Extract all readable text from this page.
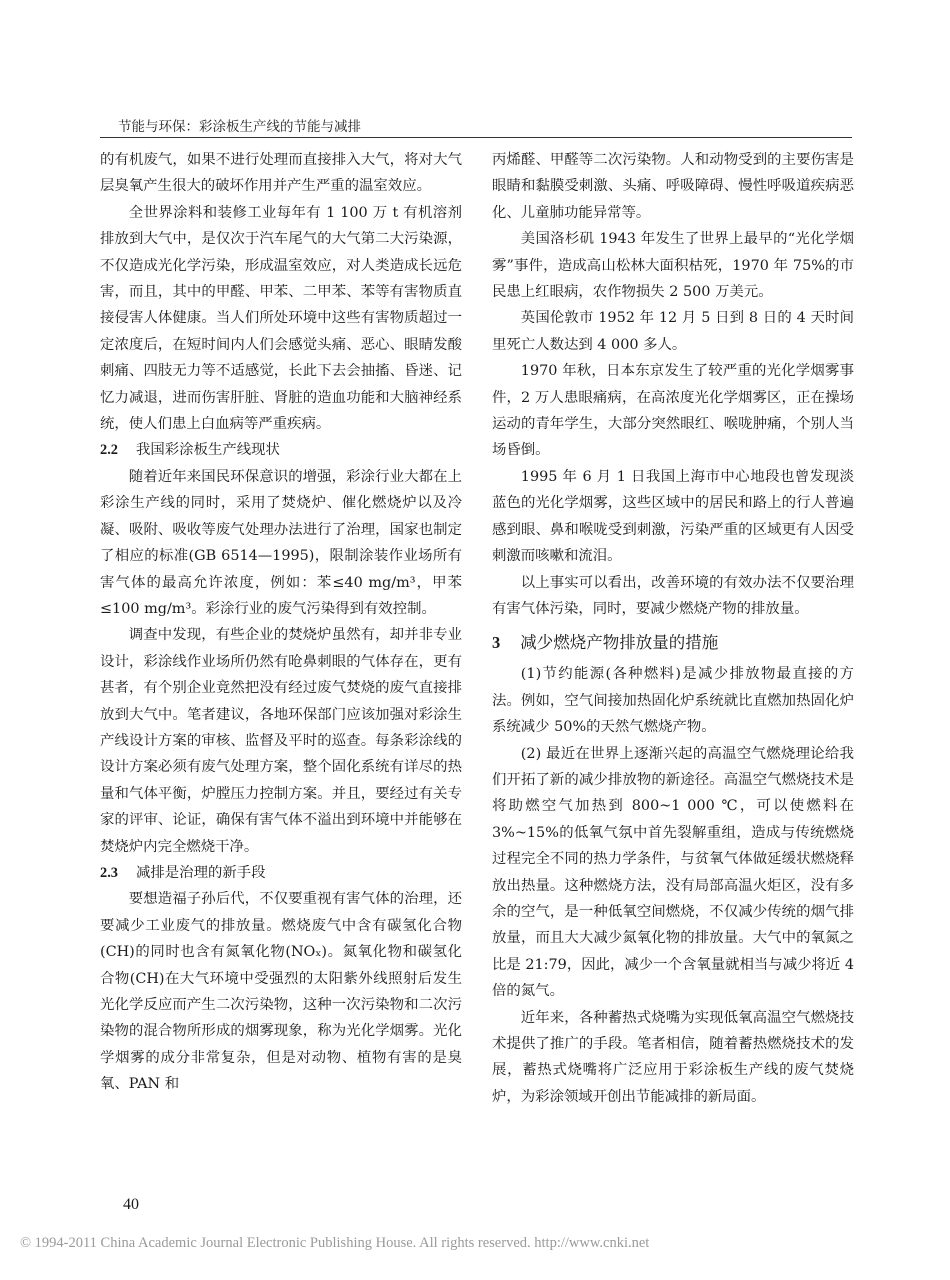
节能与环保：彩涂板生产线的节能与减排

的有机废气，如果不进行处理而直接排入大气，将对大气层臭氧产生很大的破坏作用并产生严重的温室效应。

全世界涂料和装修工业每年有 1 100 万 t 有机溶剂排放到大气中，是仅次于汽车尾气的大气第二大污染源，不仅造成光化学污染，形成温室效应，对人类造成长远危害，而且，其中的甲醛、甲苯、二甲苯、苯等有害物质直接侵害人体健康。当人们所处环境中这些有害物质超过一定浓度后，在短时间内人们会感觉头痛、恶心、眼睛发酸刺痛、四肢无力等不适感觉，长此下去会抽搐、昏迷、记忆力减退，进而伤害肝脏、肾脏的造血功能和大脑神经系统，使人们患上白血病等严重疾病。

2.2 我国彩涂板生产线现状

随着近年来国民环保意识的增强，彩涂行业大都在上彩涂生产线的同时，采用了焚烧炉、催化燃烧炉以及冷凝、吸附、吸收等废气处理办法进行了治理，国家也制定了相应的标准(GB 6514—1995)，限制涂装作业场所有害气体的最高允许浓度，例如：苯≤40 mg/m³，甲苯≤100 mg/m³。彩涂行业的废气污染得到有效控制。

调查中发现，有些企业的焚烧炉虽然有，却并非专业设计，彩涂线作业场所仍然有呛鼻刺眼的气体存在，更有甚者，有个别企业竟然把没有经过废气焚烧的废气直接排放到大气中。笔者建议，各地环保部门应该加强对彩涂生产线设计方案的审核、监督及平时的巡查。每条彩涂线的设计方案必须有废气处理方案，整个固化系统有详尽的热量和气体平衡，炉膛压力控制方案。并且，要经过有关专家的评审、论证，确保有害气体不溢出到环境中并能够在焚烧炉内完全燃烧干净。

2.3 减排是治理的新手段

要想造福子孙后代，不仅要重视有害气体的治理，还要减少工业废气的排放量。燃烧废气中含有碳氢化合物(CH)的同时也含有氮氧化物(NOₓ)。氮氧化物和碳氢化合物(CH)在大气环境中受强烈的太阳紫外线照射后发生光化学反应而产生二次污染物，这种一次污染物和二次污染物的混合物所形成的烟雾现象，称为光化学烟雾。光化学烟雾的成分非常复杂，但是对动物、植物有害的是臭氧、PAN 和

丙烯醛、甲醛等二次污染物。人和动物受到的主要伤害是眼睛和黏膜受刺激、头痛、呼吸障碍、慢性呼吸道疾病恶化、儿童肺功能异常等。

美国洛杉矶 1943 年发生了世界上最早的“光化学烟雾”事件，造成高山松林大面积枯死，1970 年 75%的市民患上红眼病，农作物损失 2 500 万美元。

英国伦敦市 1952 年 12 月 5 日到 8 日的 4 天时间里死亡人数达到 4 000 多人。

1970 年秋，日本东京发生了较严重的光化学烟雾事件，2 万人患眼痛病，在高浓度光化学烟雾区，正在操场运动的青年学生，大部分突然眼红、喉咙肿痛，个别人当场昏倒。

1995 年 6 月 1 日我国上海市中心地段也曾发现淡蓝色的光化学烟雾，这些区域中的居民和路上的行人普遍感到眼、鼻和喉咙受到刺激，污染严重的区域更有人因受刺激而咳嗽和流泪。

以上事实可以看出，改善环境的有效办法不仅要治理有害气体污染，同时，要减少燃烧产物的排放量。

3 减少燃烧产物排放量的措施

(1)节约能源(各种燃料)是减少排放物最直接的方法。例如，空气间接加热固化炉系统就比直燃加热固化炉系统减少 50%的天然气燃烧产物。

(2) 最近在世界上逐渐兴起的高温空气燃烧理论给我们开拓了新的减少排放物的新途径。高温空气燃烧技术是将助燃空气加热到 800~1 000 ℃，可以使燃料在 3%~15%的低氧气氛中首先裂解重组，造成与传统燃烧过程完全不同的热力学条件，与贫氧气体做延缓状燃烧释放出热量。这种燃烧方法，没有局部高温火炬区，没有多余的空气，是一种低氧空间燃烧，不仅减少传统的烟气排放量，而且大大减少氮氧化物的排放量。大气中的氧氮之比是 21:79，因此，减少一个含氧量就相当与减少将近 4 倍的氮气。

近年来，各种蓄热式烧嘴为实现低氧高温空气燃烧技术提供了推广的手段。笔者相信，随着蓄热燃烧技术的发展，蓄热式烧嘴将广泛应用于彩涂板生产线的废气焚烧炉，为彩涂领域开创出节能减排的新局面。

40
© 1994-2011 China Academic Journal Electronic Publishing House. All rights reserved. http://www.cnki.net
